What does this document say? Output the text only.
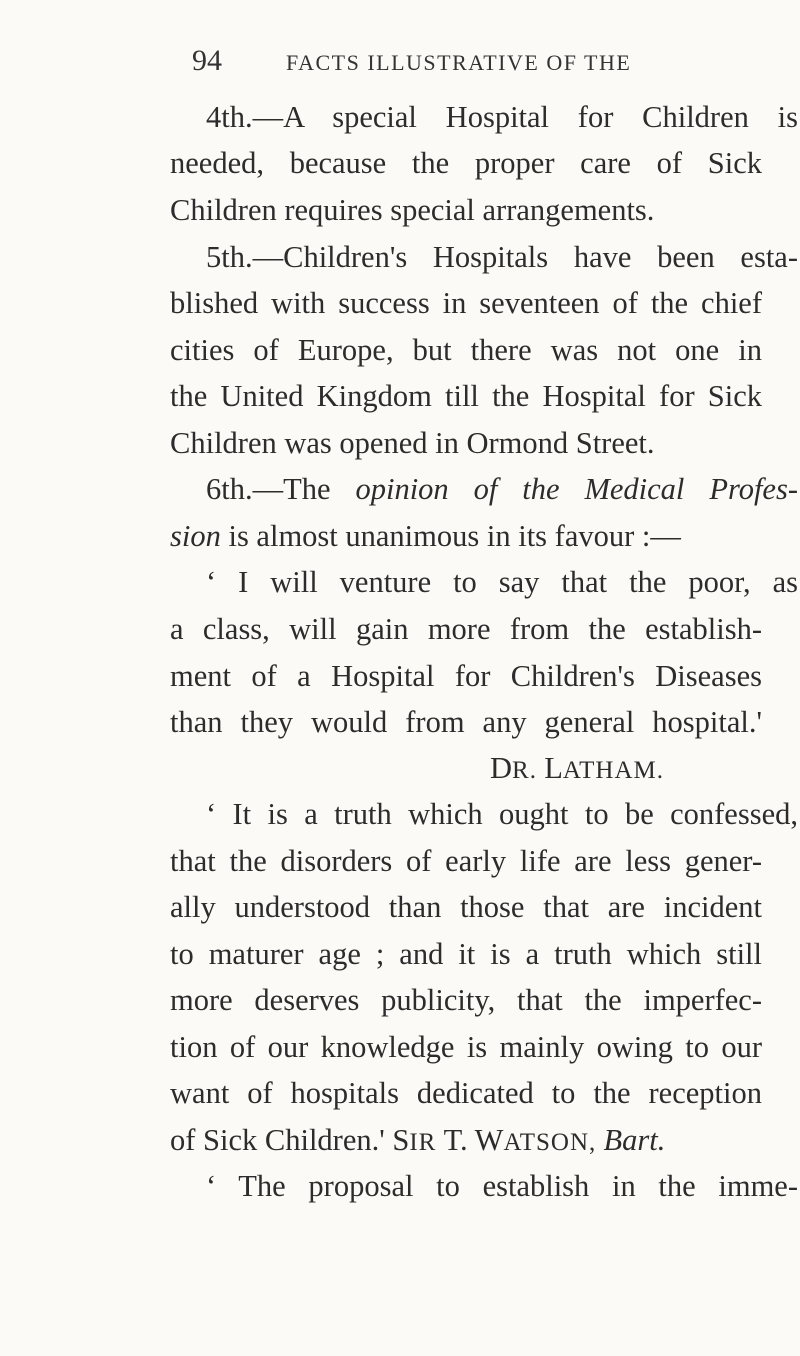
94	FACTS ILLUSTRATIVE OF THE
4th.—A special Hospital for Children is
needed, because the proper care of Sick
Children requires special arrangements.
5th.—Children's Hospitals have been esta-
blished with success in seventeen of the chief
cities of Europe, but there was not one in
the United Kingdom till the Hospital for Sick
Children was opened in Ormond Street.
6th.—The opinion of the Medical Profes-
sion is almost unanimous in its favour :—
‘ I will venture to say that the poor, as
a class, will gain more from the establish-
ment of a Hospital for Children's Diseases
than they would from any general hospital.'
DR. LATHAM.
‘ It is a truth which ought to be confessed,
that the disorders of early life are less gener-
ally understood than those that are incident
to maturer age ; and it is a truth which still
more deserves publicity, that the imperfec-
tion of our knowledge is mainly owing to our
want of hospitals dedicated to the reception
of Sick Children.' SIR T. WATSON, Bart.
‘ The proposal to establish in the imme-
